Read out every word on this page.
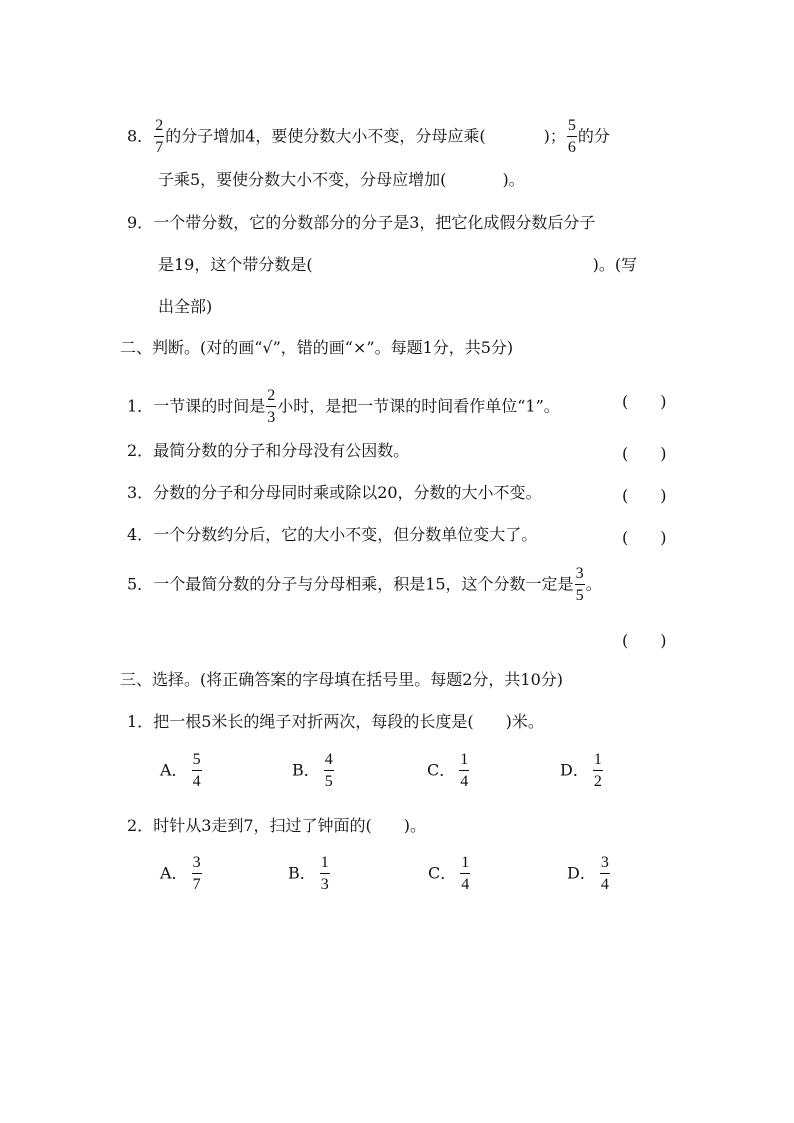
8． $\frac{2}{7}$ 的分子增加4，要使分数大小不变，分母应乘(	)； $\frac{5}{6}$ 的分
子乘5，要使分数大小不变，分母应增加(	)。
9．一个带分数，它的分数部分的分子是3，把它化成假分数后分子
是19，这个带分数是(	)。(写
出全部)
二、判断。(对的画“√”，错的画“×”。每题1分，共5分)
1．一节课的时间是 $\frac{2}{3}$ 小时，是把一节课的时间看作单位“1”。	(　　)
2．最简分数的分子和分母没有公因数。	(　　)
3．分数的分子和分母同时乘或除以20，分数的大小不变。	(　　)
4．一个分数约分后，它的大小不变，但分数单位变大了。	(　　)
5．一个最简分数的分子与分母相乘，积是15，这个分数一定是 $\frac{3}{5}$ 。
(　　)
三、选择。(将正确答案的字母填在括号里。每题2分，共10分)
1．把一根5米长的绳子对折两次，每段的长度是(　　)米。
A． $\frac{5}{4}$	B． $\frac{4}{5}$	C． $\frac{1}{4}$	D． $\frac{1}{2}$
2．时针从3走到7，扫过了钟面的(　　)。
A． $\frac{3}{7}$	B． $\frac{1}{3}$	C． $\frac{1}{4}$	D． $\frac{3}{4}$
